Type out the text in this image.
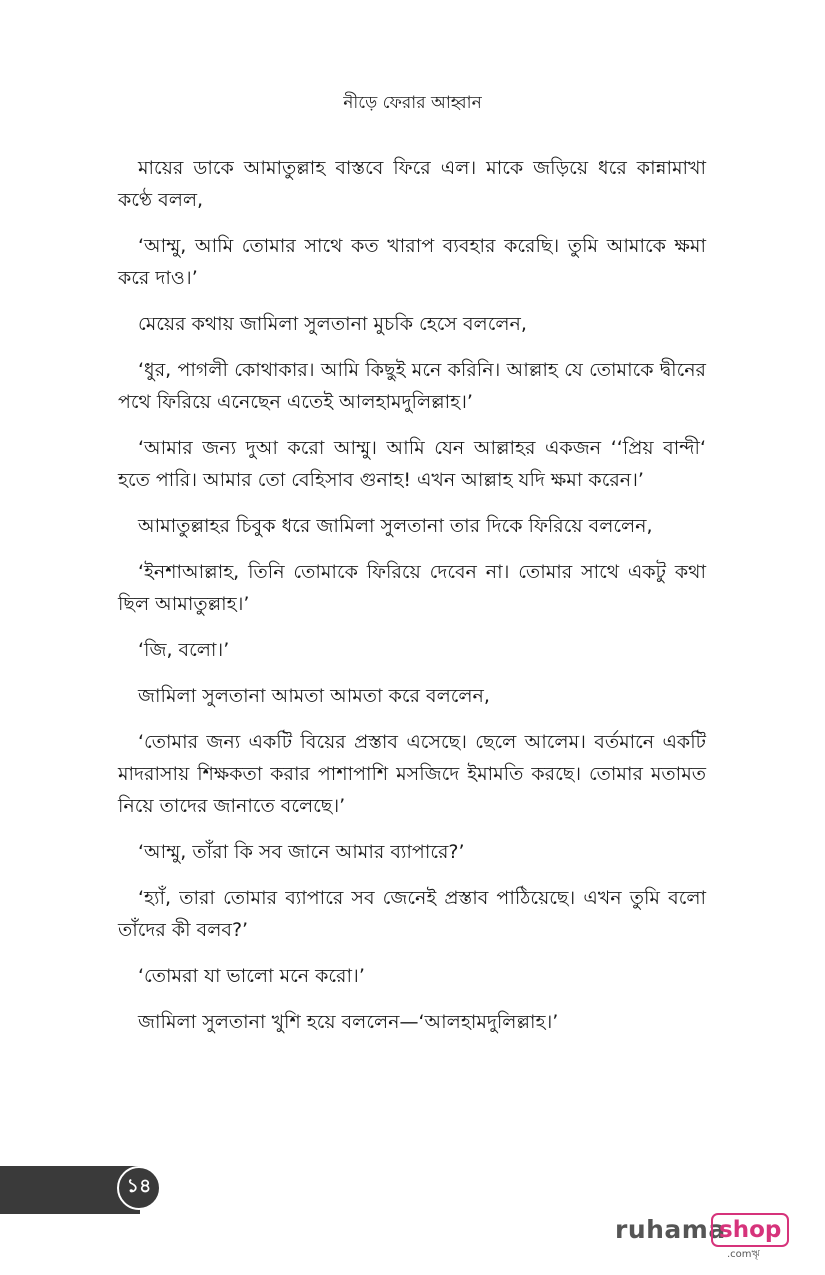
নীড়ে ফেরার আহ্বান

মায়ের ডাকে আমাতুল্লাহ বাস্তবে ফিরে এল। মাকে জড়িয়ে ধরে কান্নামাখা কণ্ঠে বলল,

‘আম্মু, আমি তোমার সাথে কত খারাপ ব্যবহার করেছি। তুমি আমাকে ক্ষমা করে দাও।’

মেয়ের কথায় জামিলা সুলতানা মুচকি হেসে বললেন,

‘ধুর, পাগলী কোথাকার। আমি কিছুই মনে করিনি। আল্লাহ যে তোমাকে দ্বীনের পথে ফিরিয়ে এনেছেন এতেই আলহামদুলিল্লাহ।’

‘আমার জন্য দুআ করো আম্মু। আমি যেন আল্লাহর একজন ‘‘প্রিয় বান্দী‘ হতে পারি। আমার তো বেহিসাব গুনাহ! এখন আল্লাহ যদি ক্ষমা করেন।’

আমাতুল্লাহর চিবুক ধরে জামিলা সুলতানা তার দিকে ফিরিয়ে বললেন,

‘ইনশাআল্লাহ, তিনি তোমাকে ফিরিয়ে দেবেন না। তোমার সাথে একটু কথা ছিল আমাতুল্লাহ।’

‘জি, বলো।’

জামিলা সুলতানা আমতা আমতা করে বললেন,

‘তোমার জন্য একটি বিয়ের প্রস্তাব এসেছে। ছেলে আলেম। বর্তমানে একটি মাদরাসায় শিক্ষকতা করার পাশাপাশি মসজিদে ইমামতি করছে। তোমার মতামত নিয়ে তাদের জানাতে বলেছে।’

‘আম্মু, তাঁরা কি সব জানে আমার ব্যাপারে?’

‘হ্যাঁ, তারা তোমার ব্যাপারে সব জেনেই প্রস্তাব পাঠিয়েছে। এখন তুমি বলো তাঁদের কী বলব?’

‘তোমরা যা ভালো মনে করো।’

জামিলা সুলতানা খুশি হয়ে বললেন—‘আলহামদুলিল্লাহ।’

১৪
ruhama
shop
.comৠ
